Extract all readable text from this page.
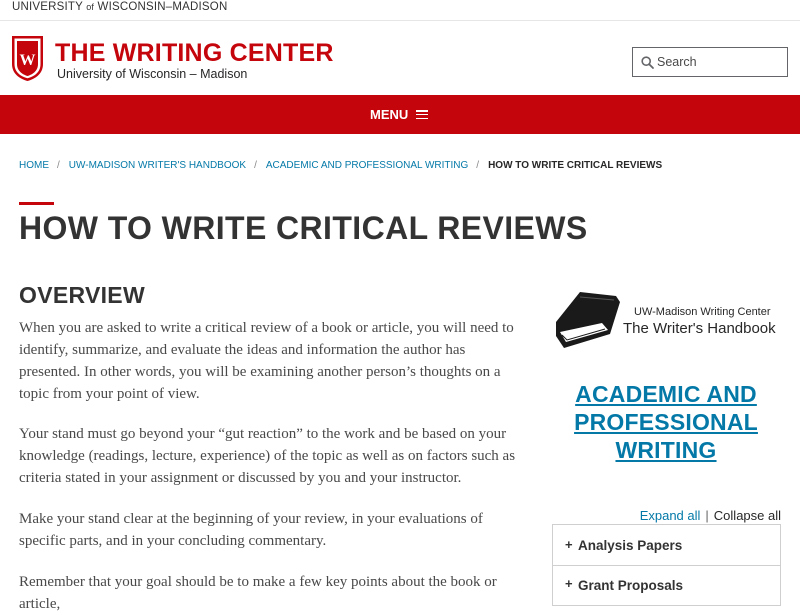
UNIVERSITY of WISCONSIN–MADISON
W THE WRITING CENTER
University of Wisconsin – Madison
Search
MENU
HOME / UW-MADISON WRITER'S HANDBOOK / ACADEMIC AND PROFESSIONAL WRITING / HOW TO WRITE CRITICAL REVIEWS
HOW TO WRITE CRITICAL REVIEWS
OVERVIEW

When you are asked to write a critical review of a book or article, you will need to identify, summarize, and evaluate the ideas and information the author has presented. In other words, you will be examining another person’s thoughts on a topic from your point of view.

Your stand must go beyond your “gut reaction” to the work and be based on your knowledge (readings, lecture, experience) of the topic as well as on factors such as criteria stated in your assignment or discussed by you and your instructor.

Make your stand clear at the beginning of your review, in your evaluations of specific parts, and in your concluding commentary.

Remember that your goal should be to make a few key points about the book or article,

UW-Madison Writing Center
The Writer's Handbook
ACADEMIC AND PROFESSIONAL WRITING
Expand all | Collapse all
+ Analysis Papers
+ Grant Proposals
